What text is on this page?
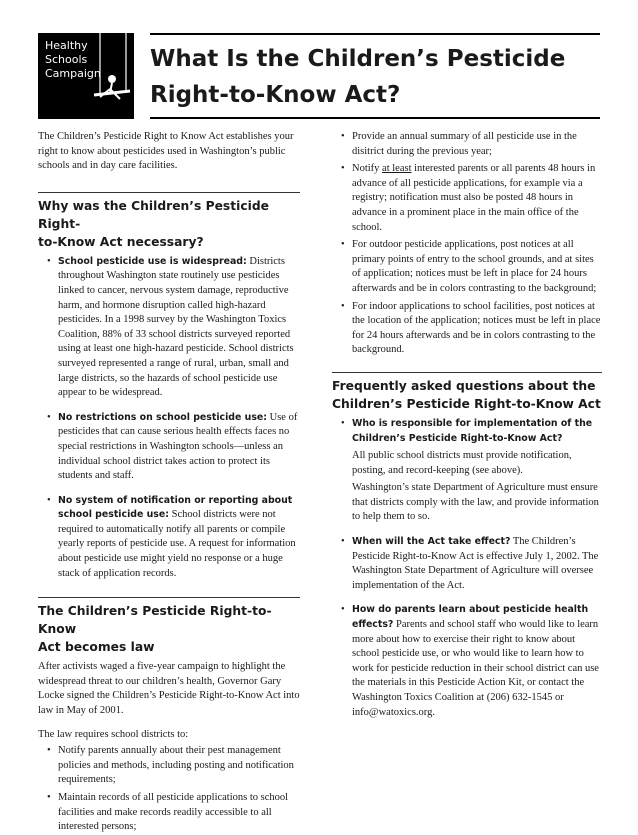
Healthy
Schools
Campaign
What Is the Children’s Pesticide
Right-to-Know Act?

The Children’s Pesticide Right to Know Act establishes your right to know about pesticides used in Washington’s public schools and in day care facilities.

Why was the Children’s Pesticide Right-
to-Know Act necessary?
• School pesticide use is widespread: Districts throughout Washington state routinely use pesticides linked to cancer, nervous system damage, reproductive harm, and hormone disruption called high-hazard pesticides. In a 1998 survey by the Washington Toxics Coalition, 88% of 33 school districts surveyed reported using at least one high-hazard pesticide. School districts surveyed represented a range of rural, urban, small and large districts, so the hazards of school pesticide use appear to be widespread.
• No restrictions on school pesticide use: Use of pesticides that can cause serious health effects faces no special restrictions in Washington schools—unless an individual school district takes action to protect its students and staff.
• No system of notification or reporting about school pesticide use: School districts were not required to automatically notify all parents or compile yearly reports of pesticide use. A request for information about pesticide use might yield no response or a huge stack of application records.
The Children’s Pesticide Right-to-Know
Act becomes law

After activists waged a five-year campaign to highlight the widespread threat to our children’s health, Governor Gary Locke signed the Children’s Pesticide Right-to-Know Act into law in May of 2001.

The law requires school districts to:

• Notify parents annually about their pest management policies and methods, including posting and notification requirements;
• Maintain records of all pesticide applications to school facilities and make records readily accessible to all interested persons;
• Provide an annual summary of all pesticide use in the disitrict during the previous year;
• Notify at least interested parents or all parents 48 hours in advance of all pesticide applications, for example via a registry; notification must also be posted 48 hours in advance in a prominent place in the main office of the school.
• For outdoor pesticide applications, post notices at all primary points of entry to the school grounds, and at sites of application; notices must be left in place for 24 hours afterwards and be in colors contrasting to the background;
• For indoor applications to school facilities, post notices at the location of the application; notices must be left in place for 24 hours afterwards and be in colors contrasting to the background.
Frequently asked questions about the
Children’s Pesticide Right-to-Know Act
• Who is responsible for implementation of the Children’s Pesticide Right-to-Know Act?

All public school districts must provide notification, posting, and record-keeping (see above).

Washington’s state Department of Agriculture must ensure that districts comply with the law, and provide information to help them to so.

• When will the Act take effect? The Children’s Pesticide Right-to-Know Act is effective July 1, 2002. The Washington State Department of Agriculture will oversee implementation of the Act.
• How do parents learn about pesticide health effects? Parents and school staff who would like to learn more about how to exercise their right to know about school pesticide use, or who would like to learn how to work for pesticide reduction in their school district can use the materials in this Pesticide Action Kit, or contact the Washington Toxics Coalition at (206) 632-1545 or info@watoxics.org.
